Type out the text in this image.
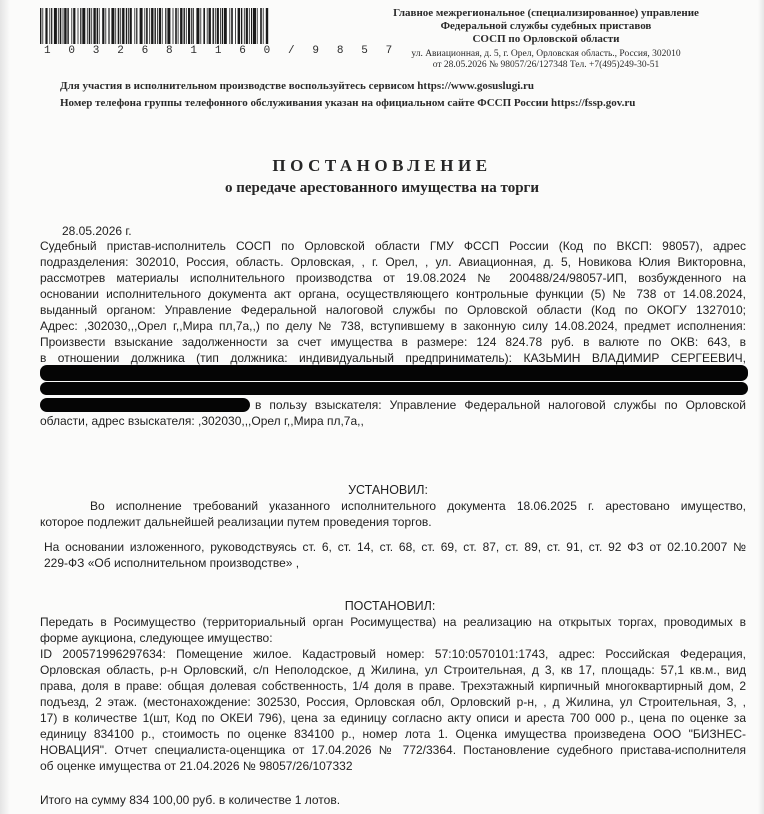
1 0 3 2 6 8 1 1 6 0 / 9 8 5 7
Главное межрегиональное (специализированное) управление
Федеральной службы судебных приставов
СОСП по Орловской области
ул. Авиационная, д. 5, г. Орел, Орловская область., Россия, 302010
от 28.05.2026 № 98057/26/127348 Тел. +7(495)249-30-51
Для участия в исполнительном производстве воспользуйтесь сервисом https://www.gosuslugi.ru
Номер телефона группы телефонного обслуживания указан на официальном сайте ФССП России https://fssp.gov.ru
ПОСТАНОВЛЕНИЕ
о передаче арестованного имущества на торги
28.05.2026 г.
Судебный пристав-исполнитель СОСП по Орловской области ГМУ ФССП России (Код по ВКСП: 98057), адрес
подразделения: 302010, Россия, область. Орловская, , г. Орел, , ул. Авиационная, д. 5, Новикова Юлия Викторовна,
рассмотрев материалы исполнительного производства от 19.08.2024 № 200488/24/98057-ИП, возбужденного на
основании исполнительного документа акт органа, осуществляющего контрольные функции (5) № 738 от 14.08.2024,
выданный органом: Управление Федеральной налоговой службы по Орловской области (Код по ОКОГУ 1327010;
Адрес: ,302030,,,Орел г,,Мира пл,7а,,) по делу № 738, вступившему в законную силу 14.08.2024, предмет исполнения:
Произвести взыскание задолженности за счет имущества в размере: 124 824.78 руб. в валюте по ОКВ: 643, в
в отношении должника (тип должника: индивидуальный предприниматель): КАЗЬМИН ВЛАДИМИР СЕРГЕЕВИЧ,
в пользу взыскателя: Управление Федеральной налоговой службы по Орловской
области, адрес взыскателя: ,302030,,,Орел г,,Мира пл,7а,,
УСТАНОВИЛ:
Во исполнение требований указанного исполнительного документа 18.06.2025 г. арестовано имущество,
которое подлежит дальнейшей реализации путем проведения торгов.
На основании изложенного, руководствуясь ст. 6, ст. 14, ст. 68, ст. 69, ст. 87, ст. 89, ст. 91, ст. 92 ФЗ от 02.10.2007 №
229-ФЗ «Об исполнительном производстве» ,
ПОСТАНОВИЛ:
Передать в Росимущество (территориальный орган Росимущества) на реализацию на открытых торгах, проводимых в
форме аукциона, следующее имущество:
ID 200571996297634: Помещение жилое. Кадастровый номер: 57:10:0570101:1743, адрес: Российская Федерация,
Орловская область, р-н Орловский, с/п Неполодское, д Жилина, ул Строительная, д 3, кв 17, площадь: 57,1 кв.м., вид
права, доля в праве: общая долевая собственность, 1/4 доля в праве. Трехэтажный кирпичный многоквартирный дом, 2
подъезд, 2 этаж. (местонахождение: 302530, Россия, Орловская обл, Орловский р-н, , д Жилина, ул Строительная, 3, ,
17) в количестве 1(шт, Код по ОКЕИ 796), цена за единицу согласно акту описи и ареста 700 000 р., цена по оценке за
единицу 834100 р., стоимость по оценке 834100 р., номер лота 1. Оценка имущества произведена ООО "БИЗНЕС-
НОВАЦИЯ". Отчет специалиста-оценщика от 17.04.2026 № 772/3364. Постановление судебного пристава-исполнителя
об оценке имущества от 21.04.2026 № 98057/26/107332
Итого на сумму 834 100,00 руб. в количестве 1 лотов.
